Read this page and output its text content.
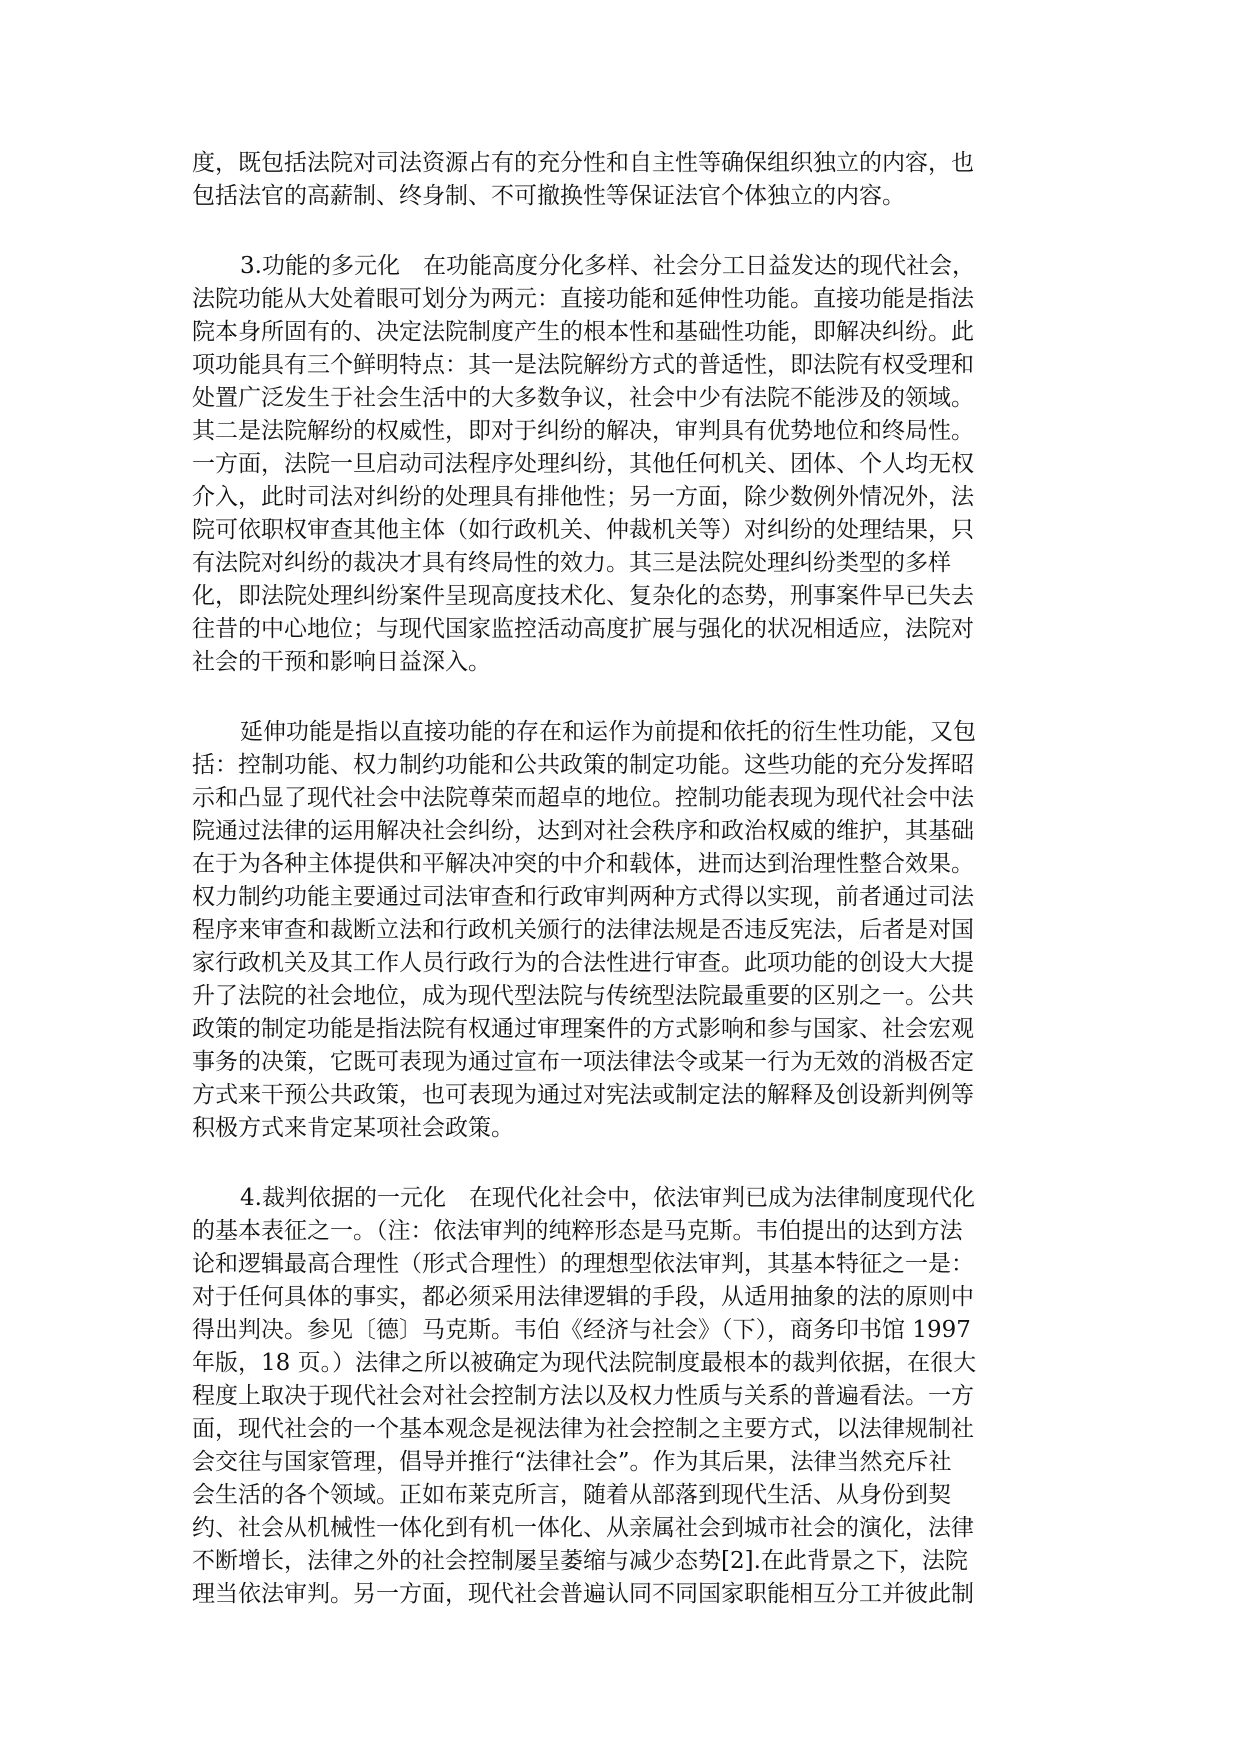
度，既包括法院对司法资源占有的充分性和自主性等确保组织独立的内容，也
包括法官的高薪制、终身制、不可撤换性等保证法官个体独立的内容。
3.功能的多元化　在功能高度分化多样、社会分工日益发达的现代社会，
法院功能从大处着眼可划分为两元：直接功能和延伸性功能。直接功能是指法
院本身所固有的、决定法院制度产生的根本性和基础性功能，即解决纠纷。此
项功能具有三个鲜明特点：其一是法院解纷方式的普适性，即法院有权受理和
处置广泛发生于社会生活中的大多数争议，社会中少有法院不能涉及的领域。
其二是法院解纷的权威性，即对于纠纷的解决，审判具有优势地位和终局性。
一方面，法院一旦启动司法程序处理纠纷，其他任何机关、团体、个人均无权
介入，此时司法对纠纷的处理具有排他性；另一方面，除少数例外情况外，法
院可依职权审查其他主体（如行政机关、仲裁机关等）对纠纷的处理结果，只
有法院对纠纷的裁决才具有终局性的效力。其三是法院处理纠纷类型的多样
化，即法院处理纠纷案件呈现高度技术化、复杂化的态势，刑事案件早已失去
往昔的中心地位；与现代国家监控活动高度扩展与强化的状况相适应，法院对
社会的干预和影响日益深入。
延伸功能是指以直接功能的存在和运作为前提和依托的衍生性功能，又包
括：控制功能、权力制约功能和公共政策的制定功能。这些功能的充分发挥昭
示和凸显了现代社会中法院尊荣而超卓的地位。控制功能表现为现代社会中法
院通过法律的运用解决社会纠纷，达到对社会秩序和政治权威的维护，其基础
在于为各种主体提供和平解决冲突的中介和载体，进而达到治理性整合效果。
权力制约功能主要通过司法审查和行政审判两种方式得以实现，前者通过司法
程序来审查和裁断立法和行政机关颁行的法律法规是否违反宪法，后者是对国
家行政机关及其工作人员行政行为的合法性进行审查。此项功能的创设大大提
升了法院的社会地位，成为现代型法院与传统型法院最重要的区别之一。公共
政策的制定功能是指法院有权通过审理案件的方式影响和参与国家、社会宏观
事务的决策，它既可表现为通过宣布一项法律法令或某一行为无效的消极否定
方式来干预公共政策，也可表现为通过对宪法或制定法的解释及创设新判例等
积极方式来肯定某项社会政策。
4.裁判依据的一元化　在现代化社会中，依法审判已成为法律制度现代化
的基本表征之一。（注：依法审判的纯粹形态是马克斯。韦伯提出的达到方法
论和逻辑最高合理性（形式合理性）的理想型依法审判，其基本特征之一是：
对于任何具体的事实，都必须采用法律逻辑的手段，从适用抽象的法的原则中
得出判决。参见〔德〕马克斯。韦伯《经济与社会》（下），商务印书馆 1997
年版，18 页。）法律之所以被确定为现代法院制度最根本的裁判依据，在很大
程度上取决于现代社会对社会控制方法以及权力性质与关系的普遍看法。一方
面，现代社会的一个基本观念是视法律为社会控制之主要方式，以法律规制社
会交往与国家管理，倡导并推行“法律社会”。作为其后果，法律当然充斥社
会生活的各个领域。正如布莱克所言，随着从部落到现代生活、从身份到契
约、社会从机械性一体化到有机一体化、从亲属社会到城市社会的演化，法律
不断增长，法律之外的社会控制屡呈萎缩与减少态势[2].在此背景之下，法院
理当依法审判。另一方面，现代社会普遍认同不同国家职能相互分工并彼此制
